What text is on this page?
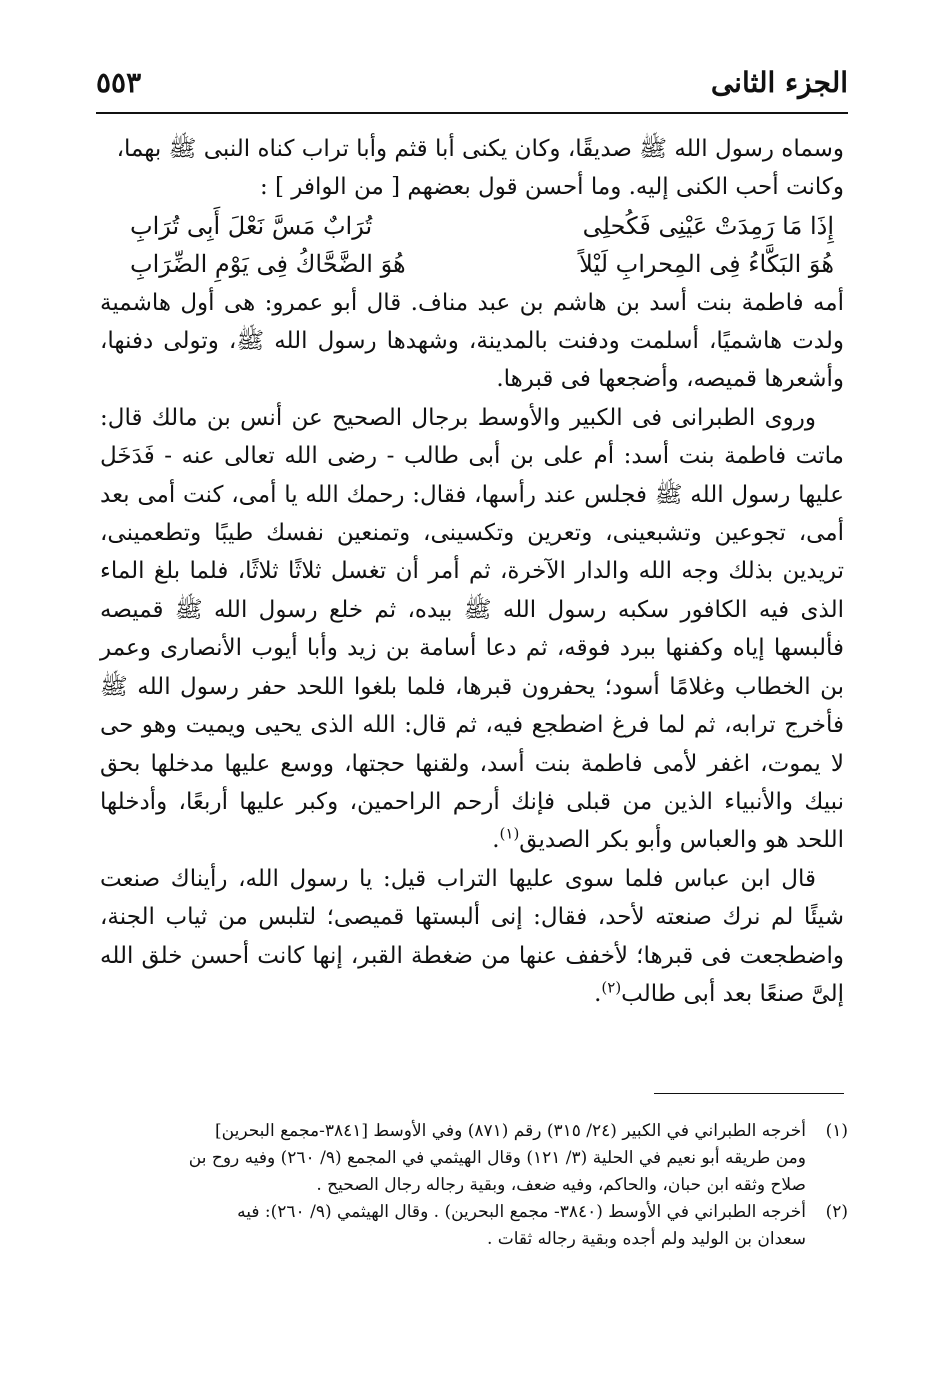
الجزء الثانى
٥٥٣

وسماه رسول الله ﷺ صديقًا، وكان يكنى أبا قثم وأبا تراب كناه النبى ﷺ بهما،

وكانت أحب الكنى إليه. وما أحسن قول بعضهم [ من الوافر ] :

إِذَا مَا رَمِدَتْ عَيْنِى فَكُحلِى
تُرَابٌ مَسَّ نَعْلَ أَبِى تُرَابِ
هُوَ البَكَّاءُ فِى المِحرابِ لَيْلاً
هُوَ الضَّحَّاكُ فِى يَوْمِ الضِّرَابِ

أمه فاطمة بنت أسد بن هاشم بن عبد مناف. قال أبو عمرو: هى أول هاشمية ولدت هاشميًا، أسلمت ودفنت بالمدينة، وشهدها رسول الله ﷺ، وتولى دفنها، وأشعرها قميصه، وأضجعها فى قبرها.

وروى الطبرانى فى الكبير والأوسط برجال الصحيح عن أنس بن مالك قال: ماتت فاطمة بنت أسد: أم على بن أبى طالب - رضى الله تعالى عنه - فَدَخَل عليها رسول الله ﷺ فجلس عند رأسها، فقال: رحمك الله يا أمى، كنت أمى بعد أمى، تجوعين وتشبعينى، وتعرين وتكسينى، وتمنعين نفسك طيبًا وتطعمينى، تريدين بذلك وجه الله والدار الآخرة، ثم أمر أن تغسل ثلاثًا ثلاثًا، فلما بلغ الماء الذى فيه الكافور سكبه رسول الله ﷺ بيده، ثم خلع رسول الله ﷺ قميصه فألبسها إياه وكفنها ببرد فوقه، ثم دعا أسامة بن زيد وأبا أيوب الأنصارى وعمر بن الخطاب وغلامًا أسود؛ يحفرون قبرها، فلما بلغوا اللحد حفر رسول الله ﷺ فأخرج ترابه، ثم لما فرغ اضطجع فيه، ثم قال: الله الذى يحيى ويميت وهو حى لا يموت، اغفر لأمى فاطمة بنت أسد، ولقنها حجتها، ووسع عليها مدخلها بحق نبيك والأنبياء الذين من قبلى فإنك أرحم الراحمين، وكبر عليها أربعًا، وأدخلها اللحد هو والعباس وأبو بكر الصديق$^{(١)}$.

قال ابن عباس فلما سوى عليها التراب قيل: يا رسول الله، رأيناك صنعت شيئًا لم نرك صنعته لأحد، فقال: إنى ألبستها قميصى؛ لتلبس من ثياب الجنة، واضطجعت فى قبرها؛ لأخفف عنها من ضغطة القبر، إنها كانت أحسن خلق الله إلىَّ صنعًا بعد أبى طالب$^{(٢)}$.

(١)
أخرجه الطبراني في الكبير (٢٤/ ٣١٥) رقم (٨٧١) وفي الأوسط [٣٨٤١-مجمع البحرين]
ومن طريقه أبو نعيم في الحلية (٣/ ١٢١) وقال الهيثمي في المجمع (٩/ ٢٦٠) وفيه روح بن
صلاح وثقه ابن حبان، والحاكم، وفيه ضعف، وبقية رجاله رجال الصحيح .
(٢)
أخرجه الطبراني في الأوسط (٣٨٤٠- مجمع البحرين) . وقال الهيثمي (٩/ ٢٦٠): فيه
سعدان بن الوليد ولم أجده وبقية رجاله ثقات .
